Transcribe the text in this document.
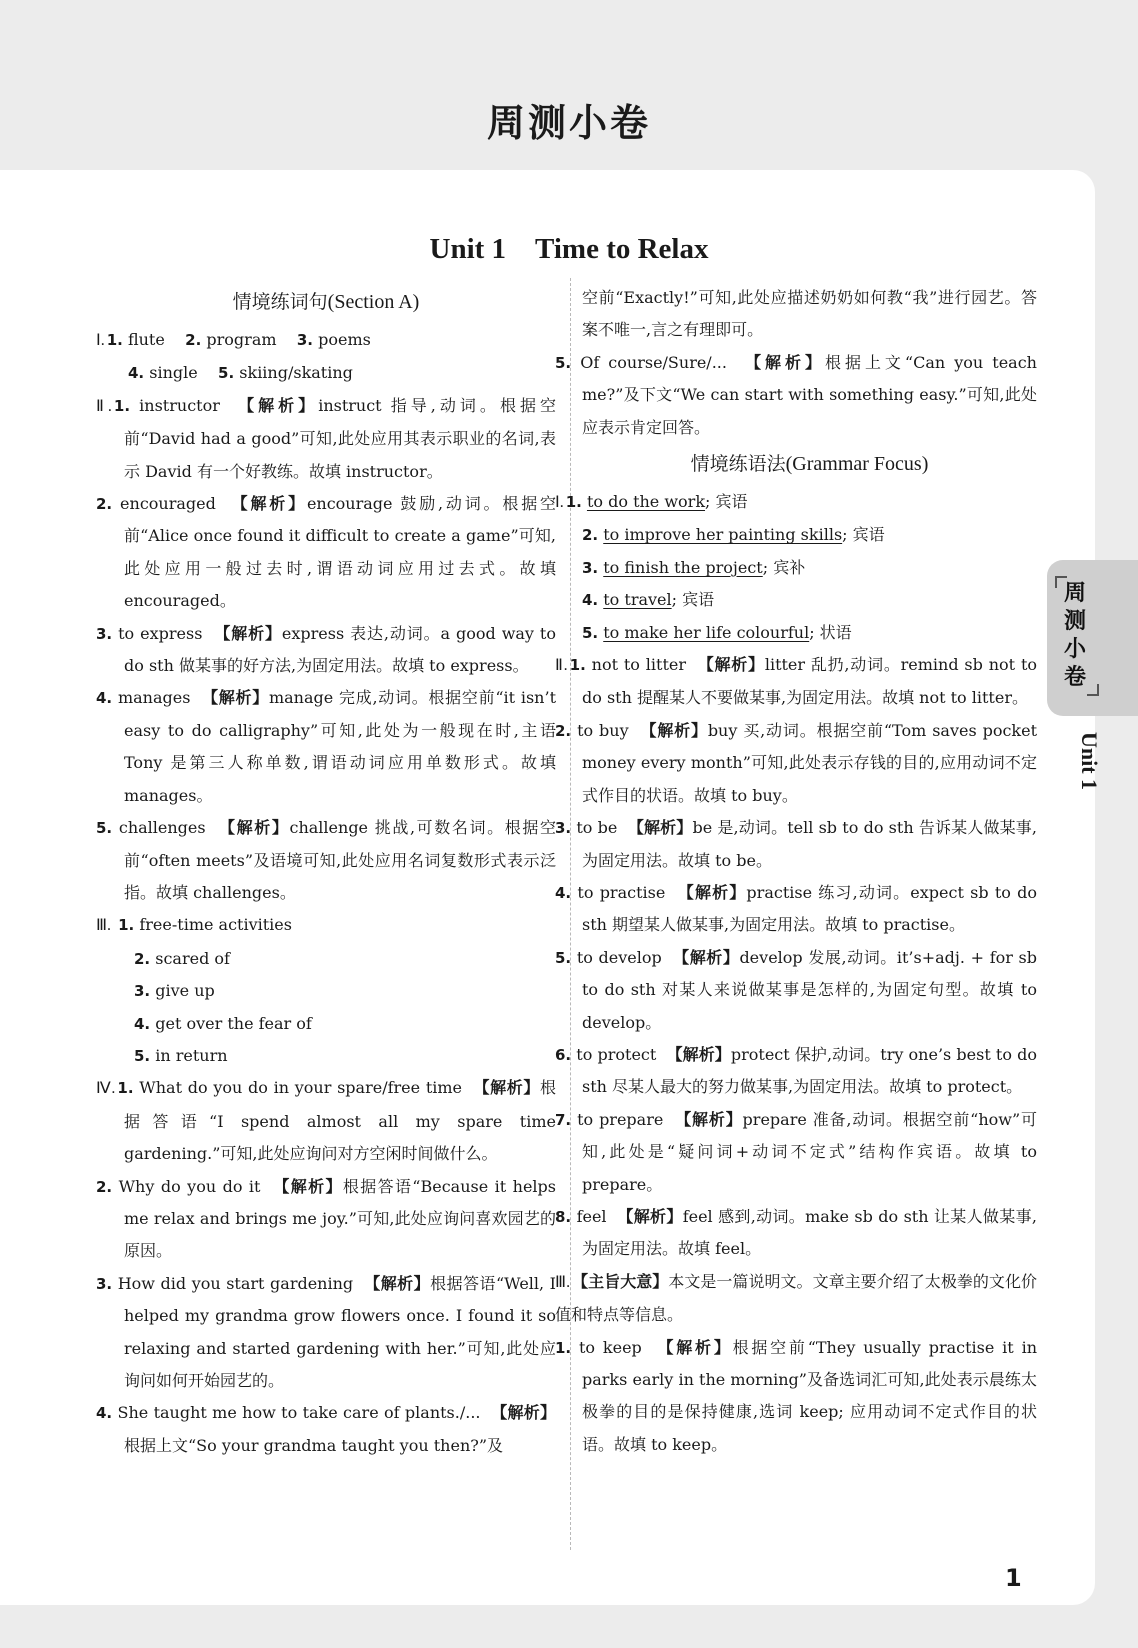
周测小卷
Unit 1　Time to Relax
情境练词句(Section A)

Ⅰ. 1. flute 2. program 3. poems

4. single 5. skiing/skating

Ⅱ. 1. instructor 【解析】instruct 指导,动词。根据空前“David had a good”可知,此处应用其表示职业的名词,表示 David 有一个好教练。故填 instructor。

2. encouraged 【解析】encourage 鼓励,动词。根据空前“Alice once found it difficult to create a game”可知,此处应用一般过去时,谓语动词应用过去式。故填 encouraged。

3. to express 【解析】express 表达,动词。a good way to do sth 做某事的好方法,为固定用法。故填 to express。

4. manages 【解析】manage 完成,动词。根据空前“it isn’t easy to do calligraphy”可知,此处为一般现在时,主语 Tony 是第三人称单数,谓语动词应用单数形式。故填 manages。

5. challenges 【解析】challenge 挑战,可数名词。根据空前“often meets”及语境可知,此处应用名词复数形式表示泛指。故填 challenges。

Ⅲ. 1. free-time activities

2. scared of

3. give up

4. get over the fear of

5. in return

Ⅳ. 1. What do you do in your spare/free time 【解析】根据答语“I spend almost all my spare time gardening.”可知,此处应询问对方空闲时间做什么。

2. Why do you do it 【解析】根据答语“Because it helps me relax and brings me joy.”可知,此处应询问喜欢园艺的原因。

3. How did you start gardening 【解析】根据答语“Well, I helped my grandma grow flowers once. I found it so relaxing and started gardening with her.”可知,此处应询问如何开始园艺的。

4. She taught me how to take care of plants./... 【解析】根据上文“So your grandma taught you then?”及

空前“Exactly!”可知,此处应描述奶奶如何教“我”进行园艺。答案不唯一,言之有理即可。

5. Of course/Sure/... 【解析】根据上文“Can you teach me?”及下文“We can start with something easy.”可知,此处应表示肯定回答。

情境练语法(Grammar Focus)

Ⅰ. 1. to do the work; 宾语

2. to improve her painting skills; 宾语

3. to finish the project; 宾补

4. to travel; 宾语

5. to make her life colourful; 状语

Ⅱ. 1. not to litter 【解析】litter 乱扔,动词。remind sb not to do sth 提醒某人不要做某事,为固定用法。故填 not to litter。

2. to buy 【解析】buy 买,动词。根据空前“Tom saves pocket money every month”可知,此处表示存钱的目的,应用动词不定式作目的状语。故填 to buy。

3. to be 【解析】be 是,动词。tell sb to do sth 告诉某人做某事,为固定用法。故填 to be。

4. to practise 【解析】practise 练习,动词。expect sb to do sth 期望某人做某事,为固定用法。故填 to practise。

5. to develop 【解析】develop 发展,动词。it’s+adj. + for sb to do sth 对某人来说做某事是怎样的,为固定句型。故填 to develop。

6. to protect 【解析】protect 保护,动词。try one’s best to do sth 尽某人最大的努力做某事,为固定用法。故填 to protect。

7. to prepare 【解析】prepare 准备,动词。根据空前“how”可知,此处是“疑问词+动词不定式”结构作宾语。故填 to prepare。

8. feel 【解析】feel 感到,动词。make sb do sth 让某人做某事,为固定用法。故填 feel。

Ⅲ. 【主旨大意】本文是一篇说明文。文章主要介绍了太极拳的文化价值和特点等信息。

1. to keep 【解析】根据空前“They usually practise it in parks early in the morning”及备选词汇可知,此处表示晨练太极拳的目的是保持健康,选词 keep; 应用动词不定式作目的状语。故填 to keep。

周测小卷
Unit 1
1
